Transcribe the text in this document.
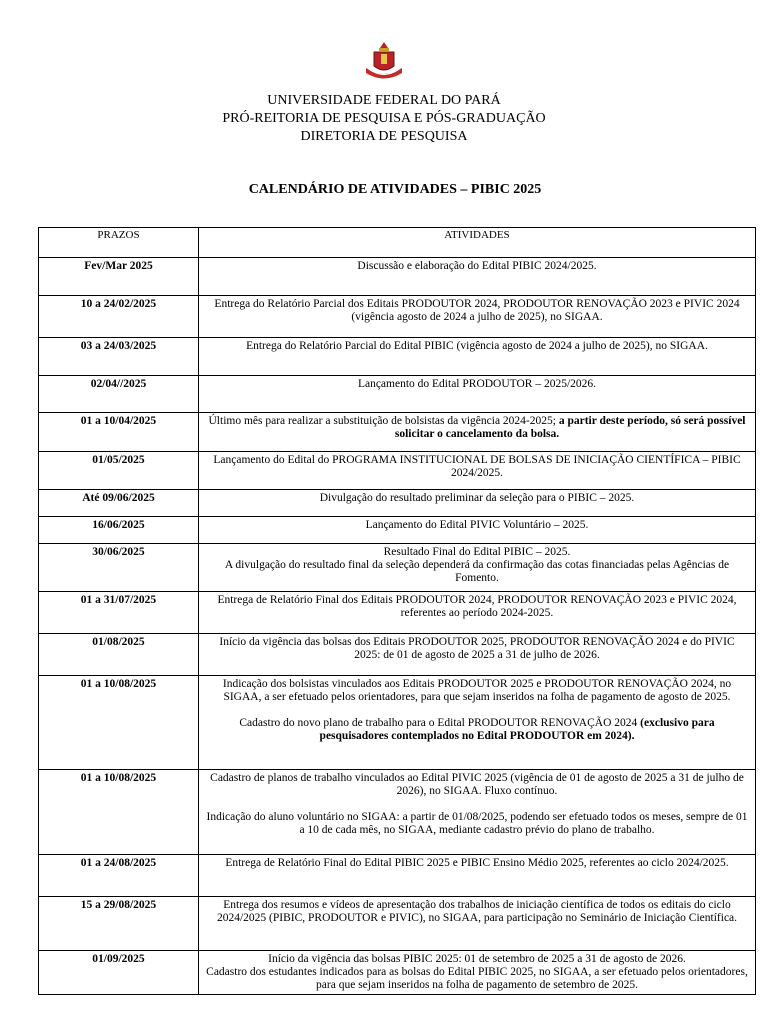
UNIVERSIDADE FEDERAL DO PARÁ
PRÓ-REITORIA DE PESQUISA E PÓS-GRADUAÇÃO
DIRETORIA DE PESQUISA
CALENDÁRIO DE ATIVIDADES – PIBIC 2025
PRAZOS	ATIVIDADES
Fev/Mar 2025	Discussão e elaboração do Edital PIBIC 2024/2025.
10 a 24/02/2025	Entrega do Relatório Parcial dos Editais PRODOUTOR 2024, PRODOUTOR RENOVAÇÃO 2023 e PIVIC 2024 (vigência agosto de 2024 a julho de 2025), no SIGAA.
03 a 24/03/2025	Entrega do Relatório Parcial do Edital PIBIC (vigência agosto de 2024 a julho de 2025), no SIGAA.
02/04//2025	Lançamento do Edital PRODOUTOR – 2025/2026.
01 a 10/04/2025	Último mês para realizar a substituição de bolsistas da vigência 2024-2025; a partir deste período, só será possível solicitar o cancelamento da bolsa.
01/05/2025	Lançamento do Edital do PROGRAMA INSTITUCIONAL DE BOLSAS DE INICIAÇÃO CIENTÍFICA – PIBIC 2024/2025.
Até 09/06/2025	Divulgação do resultado preliminar da seleção para o PIBIC – 2025.
16/06/2025	Lançamento do Edital PIVIC Voluntário – 2025.
30/06/2025	Resultado Final do Edital PIBIC – 2025.
A divulgação do resultado final da seleção dependerá da confirmação das cotas financiadas pelas Agências de Fomento.
01 a 31/07/2025	Entrega de Relatório Final dos Editais PRODOUTOR 2024, PRODOUTOR RENOVAÇÃO 2023 e PIVIC 2024, referentes ao período 2024-2025.
01/08/2025	Início da vigência das bolsas dos Editais PRODOUTOR 2025, PRODOUTOR RENOVAÇÃO 2024 e do PIVIC 2025: de 01 de agosto de 2025 a 31 de julho de 2026.
01 a 10/08/2025	Indicação dos bolsistas vinculados aos Editais PRODOUTOR 2025 e PRODOUTOR RENOVAÇÃO 2024, no SIGAA, a ser efetuado pelos orientadores, para que sejam inseridos na folha de pagamento de agosto de 2025.
Cadastro do novo plano de trabalho para o Edital PRODOUTOR RENOVAÇÃO 2024 (exclusivo para pesquisadores contemplados no Edital PRODOUTOR em 2024).
01 a 10/08/2025	Cadastro de planos de trabalho vinculados ao Edital PIVIC 2025 (vigência de 01 de agosto de 2025 a 31 de julho de 2026), no SIGAA. Fluxo contínuo.
Indicação do aluno voluntário no SIGAA: a partir de 01/08/2025, podendo ser efetuado todos os meses, sempre de 01 a 10 de cada mês, no SIGAA, mediante cadastro prévio do plano de trabalho.
01 a 24/08/2025	Entrega de Relatório Final do Edital PIBIC 2025 e PIBIC Ensino Médio 2025, referentes ao ciclo 2024/2025.
15 a 29/08/2025	Entrega dos resumos e vídeos de apresentação dos trabalhos de iniciação científica de todos os editais do ciclo 2024/2025 (PIBIC, PRODOUTOR e PIVIC), no SIGAA, para participação no Seminário de Iniciação Científica.
01/09/2025	Início da vigência das bolsas PIBIC 2025: 01 de setembro de 2025 a 31 de agosto de 2026.
Cadastro dos estudantes indicados para as bolsas do Edital PIBIC 2025, no SIGAA, a ser efetuado pelos orientadores, para que sejam inseridos na folha de pagamento de setembro de 2025.
